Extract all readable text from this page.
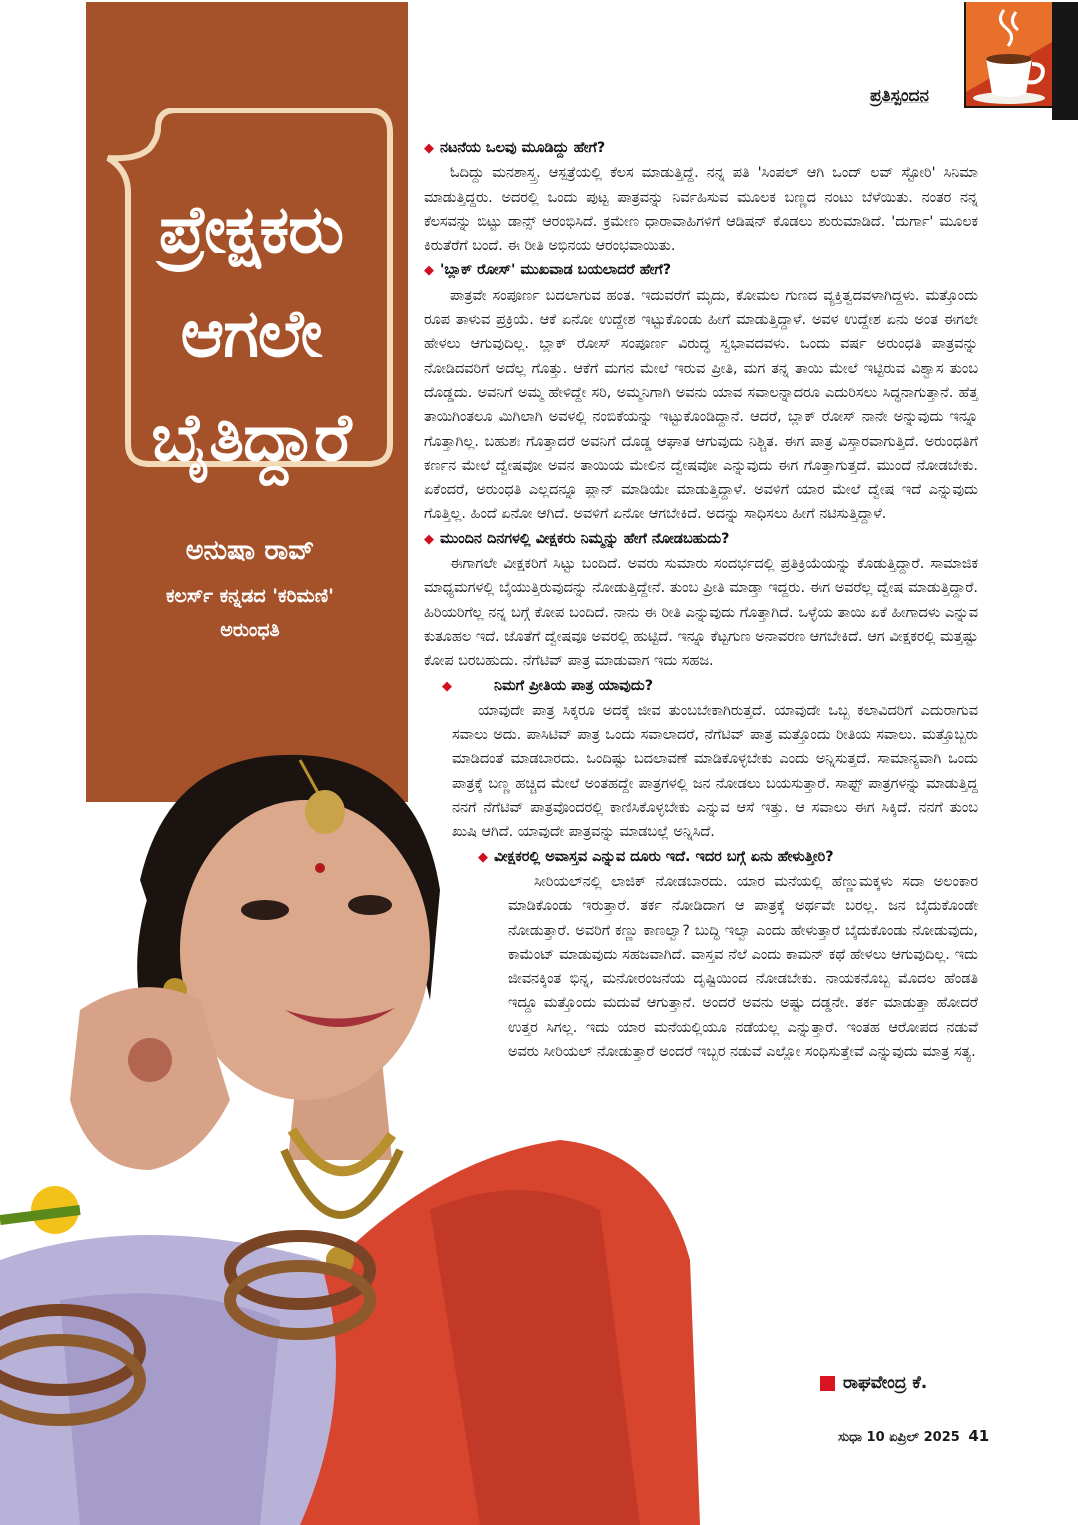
ಪ್ರೇಕ್ಷಕರು
ಆಗಲೇ
ಬೈತಿದ್ದಾರೆ
ಅನುಷಾ ರಾವ್
ಕಲರ್ಸ್ ಕನ್ನಡದ 'ಕರಿಮಣಿ'
ಅರುಂಧತಿ
ಪ್ರತಿಸ್ಪಂದನ
◆ ನಟನೆಯ ಒಲವು ಮೂಡಿದ್ದು ಹೇಗೆ?
ಓದಿದ್ದು ಮನಶಾಸ್ತ್ರ. ಆಸ್ಪತ್ರೆಯಲ್ಲಿ ಕೆಲಸ ಮಾಡುತ್ತಿದ್ದೆ. ನನ್ನ ಪತಿ 'ಸಿಂಪಲ್ ಆಗಿ ಒಂದ್ ಲವ್ ಸ್ಟೋರಿ' ಸಿನಿಮಾ ಮಾಡುತ್ತಿದ್ದರು. ಅದರಲ್ಲಿ ಒಂದು ಪುಟ್ಟ ಪಾತ್ರವನ್ನು ನಿರ್ವಹಿಸುವ ಮೂಲಕ ಬಣ್ಣದ ನಂಟು ಬೆಳೆಯಿತು. ನಂತರ ನನ್ನ ಕೆಲಸವನ್ನು ಬಿಟ್ಟು ಡಾನ್ಸ್ ಆರಂಭಿಸಿದೆ. ಕ್ರಮೇಣ ಧಾರಾವಾಹಿಗಳಿಗೆ ಆಡಿಷನ್ ಕೊಡಲು ಶುರುಮಾಡಿದೆ. 'ದುರ್ಗಾ' ಮೂಲಕ ಕಿರುತೆರೆಗೆ ಬಂದೆ. ಈ ರೀತಿ ಅಭಿನಯ ಆರಂಭವಾಯಿತು.
◆ 'ಬ್ಲಾಕ್ ರೋಸ್' ಮುಖವಾಡ ಬಯಲಾದರೆ ಹೇಗೆ?
ಪಾತ್ರವೇ ಸಂಪೂರ್ಣ ಬದಲಾಗುವ ಹಂತ. ಇದುವರೆಗೆ ಮೃದು, ಕೋಮಲ ಗುಣದ ವ್ಯಕ್ತಿತ್ವದವಳಾಗಿದ್ದಳು. ಮತ್ತೊಂದು ರೂಪ ತಾಳುವ ಪ್ರಕ್ರಿಯೆ. ಆಕೆ ಏನೋ ಉದ್ದೇಶ ಇಟ್ಟುಕೊಂಡು ಹೀಗೆ ಮಾಡುತ್ತಿದ್ದಾಳೆ. ಅವಳ ಉದ್ದೇಶ ಏನು ಅಂತ ಈಗಲೇ ಹೇಳಲು ಆಗುವುದಿಲ್ಲ. ಬ್ಲಾಕ್ ರೋಸ್ ಸಂಪೂರ್ಣ ವಿರುದ್ಧ ಸ್ವಭಾವದವಳು. ಒಂದು ವರ್ಷ ಅರುಂಧತಿ ಪಾತ್ರವನ್ನು ನೋಡಿದವರಿಗೆ ಅದೆಲ್ಲ ಗೊತ್ತು. ಆಕೆಗೆ ಮಗನ ಮೇಲೆ ಇರುವ ಪ್ರೀತಿ, ಮಗ ತನ್ನ ತಾಯಿ ಮೇಲೆ ಇಟ್ಟಿರುವ ವಿಶ್ವಾಸ ತುಂಬ ದೊಡ್ಡದು. ಅವನಿಗೆ ಅಮ್ಮ ಹೇಳಿದ್ದೇ ಸರಿ, ಅಮ್ಮನಿಗಾಗಿ ಅವನು ಯಾವ ಸವಾಲನ್ನಾದರೂ ಎದುರಿಸಲು ಸಿದ್ಧನಾಗುತ್ತಾನೆ. ಹೆತ್ತ ತಾಯಿಗಿಂತಲೂ ಮಿಗಿಲಾಗಿ ಅವಳಲ್ಲಿ ನಂಬಿಕೆಯನ್ನು ಇಟ್ಟುಕೊಂಡಿದ್ದಾನೆ. ಆದರೆ, ಬ್ಲಾಕ್ ರೋಸ್ ನಾನೇ ಅನ್ನುವುದು ಇನ್ನೂ ಗೊತ್ತಾಗಿಲ್ಲ. ಬಹುಶಃ ಗೊತ್ತಾದರೆ ಅವನಿಗೆ ದೊಡ್ಡ ಆಘಾತ ಆಗುವುದು ನಿಶ್ಚಿತ. ಈಗ ಪಾತ್ರ ವಿಸ್ತಾರವಾಗುತ್ತಿದೆ. ಅರುಂಧತಿಗೆ ಕರ್ಣನ ಮೇಲೆ ದ್ವೇಷವೋ ಅವನ ತಾಯಿಯ ಮೇಲಿನ ದ್ವೇಷವೋ ಎನ್ನುವುದು ಈಗ ಗೊತ್ತಾಗುತ್ತದೆ. ಮುಂದೆ ನೋಡಬೇಕು. ಏಕೆಂದರೆ, ಅರುಂಧತಿ ಎಲ್ಲದನ್ನೂ ಪ್ಲಾನ್ ಮಾಡಿಯೇ ಮಾಡುತ್ತಿದ್ದಾಳೆ. ಅವಳಿಗೆ ಯಾರ ಮೇಲೆ ದ್ವೇಷ ಇದೆ ಎನ್ನುವುದು ಗೊತ್ತಿಲ್ಲ. ಹಿಂದೆ ಏನೋ ಆಗಿದೆ. ಅವಳಿಗೆ ಏನೋ ಆಗಬೇಕಿದೆ. ಅದನ್ನು ಸಾಧಿಸಲು ಹೀಗೆ ನಟಿಸುತ್ತಿದ್ದಾಳೆ.
◆ ಮುಂದಿನ ದಿನಗಳಲ್ಲಿ ವೀಕ್ಷಕರು ನಿಮ್ಮನ್ನು ಹೇಗೆ ನೋಡಬಹುದು?
ಈಗಾಗಲೇ ವೀಕ್ಷಕರಿಗೆ ಸಿಟ್ಟು ಬಂದಿದೆ. ಅವರು ಸುಮಾರು ಸಂದರ್ಭದಲ್ಲಿ ಪ್ರತಿಕ್ರಿಯೆಯನ್ನು ಕೊಡುತ್ತಿದ್ದಾರೆ. ಸಾಮಾಜಿಕ ಮಾಧ್ಯಮಗಳಲ್ಲಿ ಬೈಯುತ್ತಿರುವುದನ್ನು ನೋಡುತ್ತಿದ್ದೇನೆ. ತುಂಬ ಪ್ರೀತಿ ಮಾಡ್ತಾ ಇದ್ದರು. ಈಗ ಅವರೆಲ್ಲ ದ್ವೇಷ ಮಾಡುತ್ತಿದ್ದಾರೆ. ಹಿರಿಯರಿಗೆಲ್ಲ ನನ್ನ ಬಗ್ಗೆ ಕೋಪ ಬಂದಿದೆ. ನಾನು ಈ ರೀತಿ ಎನ್ನುವುದು ಗೊತ್ತಾಗಿದೆ. ಒಳ್ಳೆಯ ತಾಯಿ ಏಕೆ ಹೀಗಾದಳು ಎನ್ನುವ ಕುತೂಹಲ ಇದೆ. ಜೊತೆಗೆ ದ್ವೇಷವೂ ಅವರಲ್ಲಿ ಹುಟ್ಟಿದೆ. ಇನ್ನೂ ಕೆಟ್ಟಗುಣ ಅನಾವರಣ ಆಗಬೇಕಿದೆ. ಆಗ ವೀಕ್ಷಕರಲ್ಲಿ ಮತ್ತಷ್ಟು ಕೋಪ ಬರಬಹುದು. ನೆಗೆಟಿವ್ ಪಾತ್ರ ಮಾಡುವಾಗ ಇದು ಸಹಜ.
◆	ನಿಮಗೆ ಪ್ರೀತಿಯ ಪಾತ್ರ ಯಾವುದು?
ಯಾವುದೇ ಪಾತ್ರ ಸಿಕ್ಕರೂ ಅದಕ್ಕೆ ಜೀವ ತುಂಬಬೇಕಾಗಿರುತ್ತದೆ. ಯಾವುದೇ ಒಬ್ಬ ಕಲಾವಿದರಿಗೆ ಎದುರಾಗುವ ಸವಾಲು ಅದು. ಪಾಸಿಟಿವ್ ಪಾತ್ರ ಒಂದು ಸವಾಲಾದರೆ, ನೆಗೆಟಿವ್ ಪಾತ್ರ ಮತ್ತೊಂದು ರೀತಿಯ ಸವಾಲು. ಮತ್ತೊಬ್ಬರು ಮಾಡಿದಂತೆ ಮಾಡಬಾರದು. ಒಂದಿಷ್ಟು ಬದಲಾವಣೆ ಮಾಡಿಕೊಳ್ಳಬೇಕು ಎಂದು ಅನ್ನಿಸುತ್ತದೆ. ಸಾಮಾನ್ಯವಾಗಿ ಒಂದು ಪಾತ್ರಕ್ಕೆ ಬಣ್ಣ ಹಚ್ಚಿದ ಮೇಲೆ ಅಂತಹದ್ದೇ ಪಾತ್ರಗಳಲ್ಲಿ ಜನ ನೋಡಲು ಬಯಸುತ್ತಾರೆ. ಸಾಫ್ಟ್ ಪಾತ್ರಗಳನ್ನು ಮಾಡುತ್ತಿದ್ದ ನನಗೆ ನೆಗೆಟಿವ್ ಪಾತ್ರವೊಂದರಲ್ಲಿ ಕಾಣಿಸಿಕೊಳ್ಳಬೇಕು ಎನ್ನುವ ಆಸೆ ಇತ್ತು. ಆ ಸವಾಲು ಈಗ ಸಿಕ್ಕಿದೆ. ನನಗೆ ತುಂಬ ಖುಷಿ ಆಗಿದೆ. ಯಾವುದೇ ಪಾತ್ರವನ್ನು ಮಾಡಬಲ್ಲೆ ಅನ್ನಿಸಿದೆ.
◆ ವೀಕ್ಷಕರಲ್ಲಿ ಅವಾಸ್ತವ ಎನ್ನುವ ದೂರು ಇದೆ. ಇದರ ಬಗ್ಗೆ ಏನು ಹೇಳುತ್ತೀರಿ?
ಸೀರಿಯಲ್‌ನಲ್ಲಿ ಲಾಜಿಕ್ ನೋಡಬಾರದು. ಯಾರ ಮನೆಯಲ್ಲಿ ಹೆಣ್ಣುಮಕ್ಕಳು ಸದಾ ಅಲಂಕಾರ ಮಾಡಿಕೊಂಡು ಇರುತ್ತಾರೆ. ತರ್ಕ ನೋಡಿದಾಗ ಆ ಪಾತ್ರಕ್ಕೆ ಅರ್ಥವೇ ಬರಲ್ಲ. ಜನ ಬೈದುಕೊಂಡೇ ನೋಡುತ್ತಾರೆ. ಅವರಿಗೆ ಕಣ್ಣು ಕಾಣಲ್ವಾ? ಬುದ್ಧಿ ಇಲ್ವಾ ಎಂದು ಹೇಳುತ್ತಾರೆ ಬೈದುಕೊಂಡು ನೋಡುವುದು, ಕಾಮೆಂಟ್ ಮಾಡುವುದು ಸಹಜವಾಗಿದೆ. ವಾಸ್ತವ ನೆಲೆ ಎಂದು ಕಾಮನ್ ಕಥೆ ಹೇಳಲು ಆಗುವುದಿಲ್ಲ. ಇದು ಜೀವನಕ್ಕಿಂತ ಭಿನ್ನ, ಮನೋರಂಜನೆಯ ದೃಷ್ಟಿಯಿಂದ ನೋಡಬೇಕು. ನಾಯಕನೊಬ್ಬ ಮೊದಲ ಹೆಂಡತಿ ಇದ್ದೂ ಮತ್ತೊಂದು ಮದುವೆ ಆಗುತ್ತಾನೆ. ಅಂದರೆ ಅವನು ಅಷ್ಟು ದಡ್ಡನೇ. ತರ್ಕ ಮಾಡುತ್ತಾ ಹೋದರೆ ಉತ್ತರ ಸಿಗಲ್ಲ. ಇದು ಯಾರ ಮನೆಯಲ್ಲಿಯೂ ನಡೆಯಲ್ಲ ಎನ್ನುತ್ತಾರೆ. ಇಂತಹ ಆರೋಪದ ನಡುವೆ ಅವರು ಸೀರಿಯಲ್ ನೋಡುತ್ತಾರೆ ಅಂದರೆ ಇಬ್ಬರ ನಡುವೆ ಎಲ್ಲೋ ಸಂಧಿಸುತ್ತೇವೆ ಎನ್ನುವುದು ಮಾತ್ರ ಸತ್ಯ.
ರಾಘವೇಂದ್ರ ಕೆ.
ಸುಧಾ 10 ಏಪ್ರಿಲ್ 2025 41
